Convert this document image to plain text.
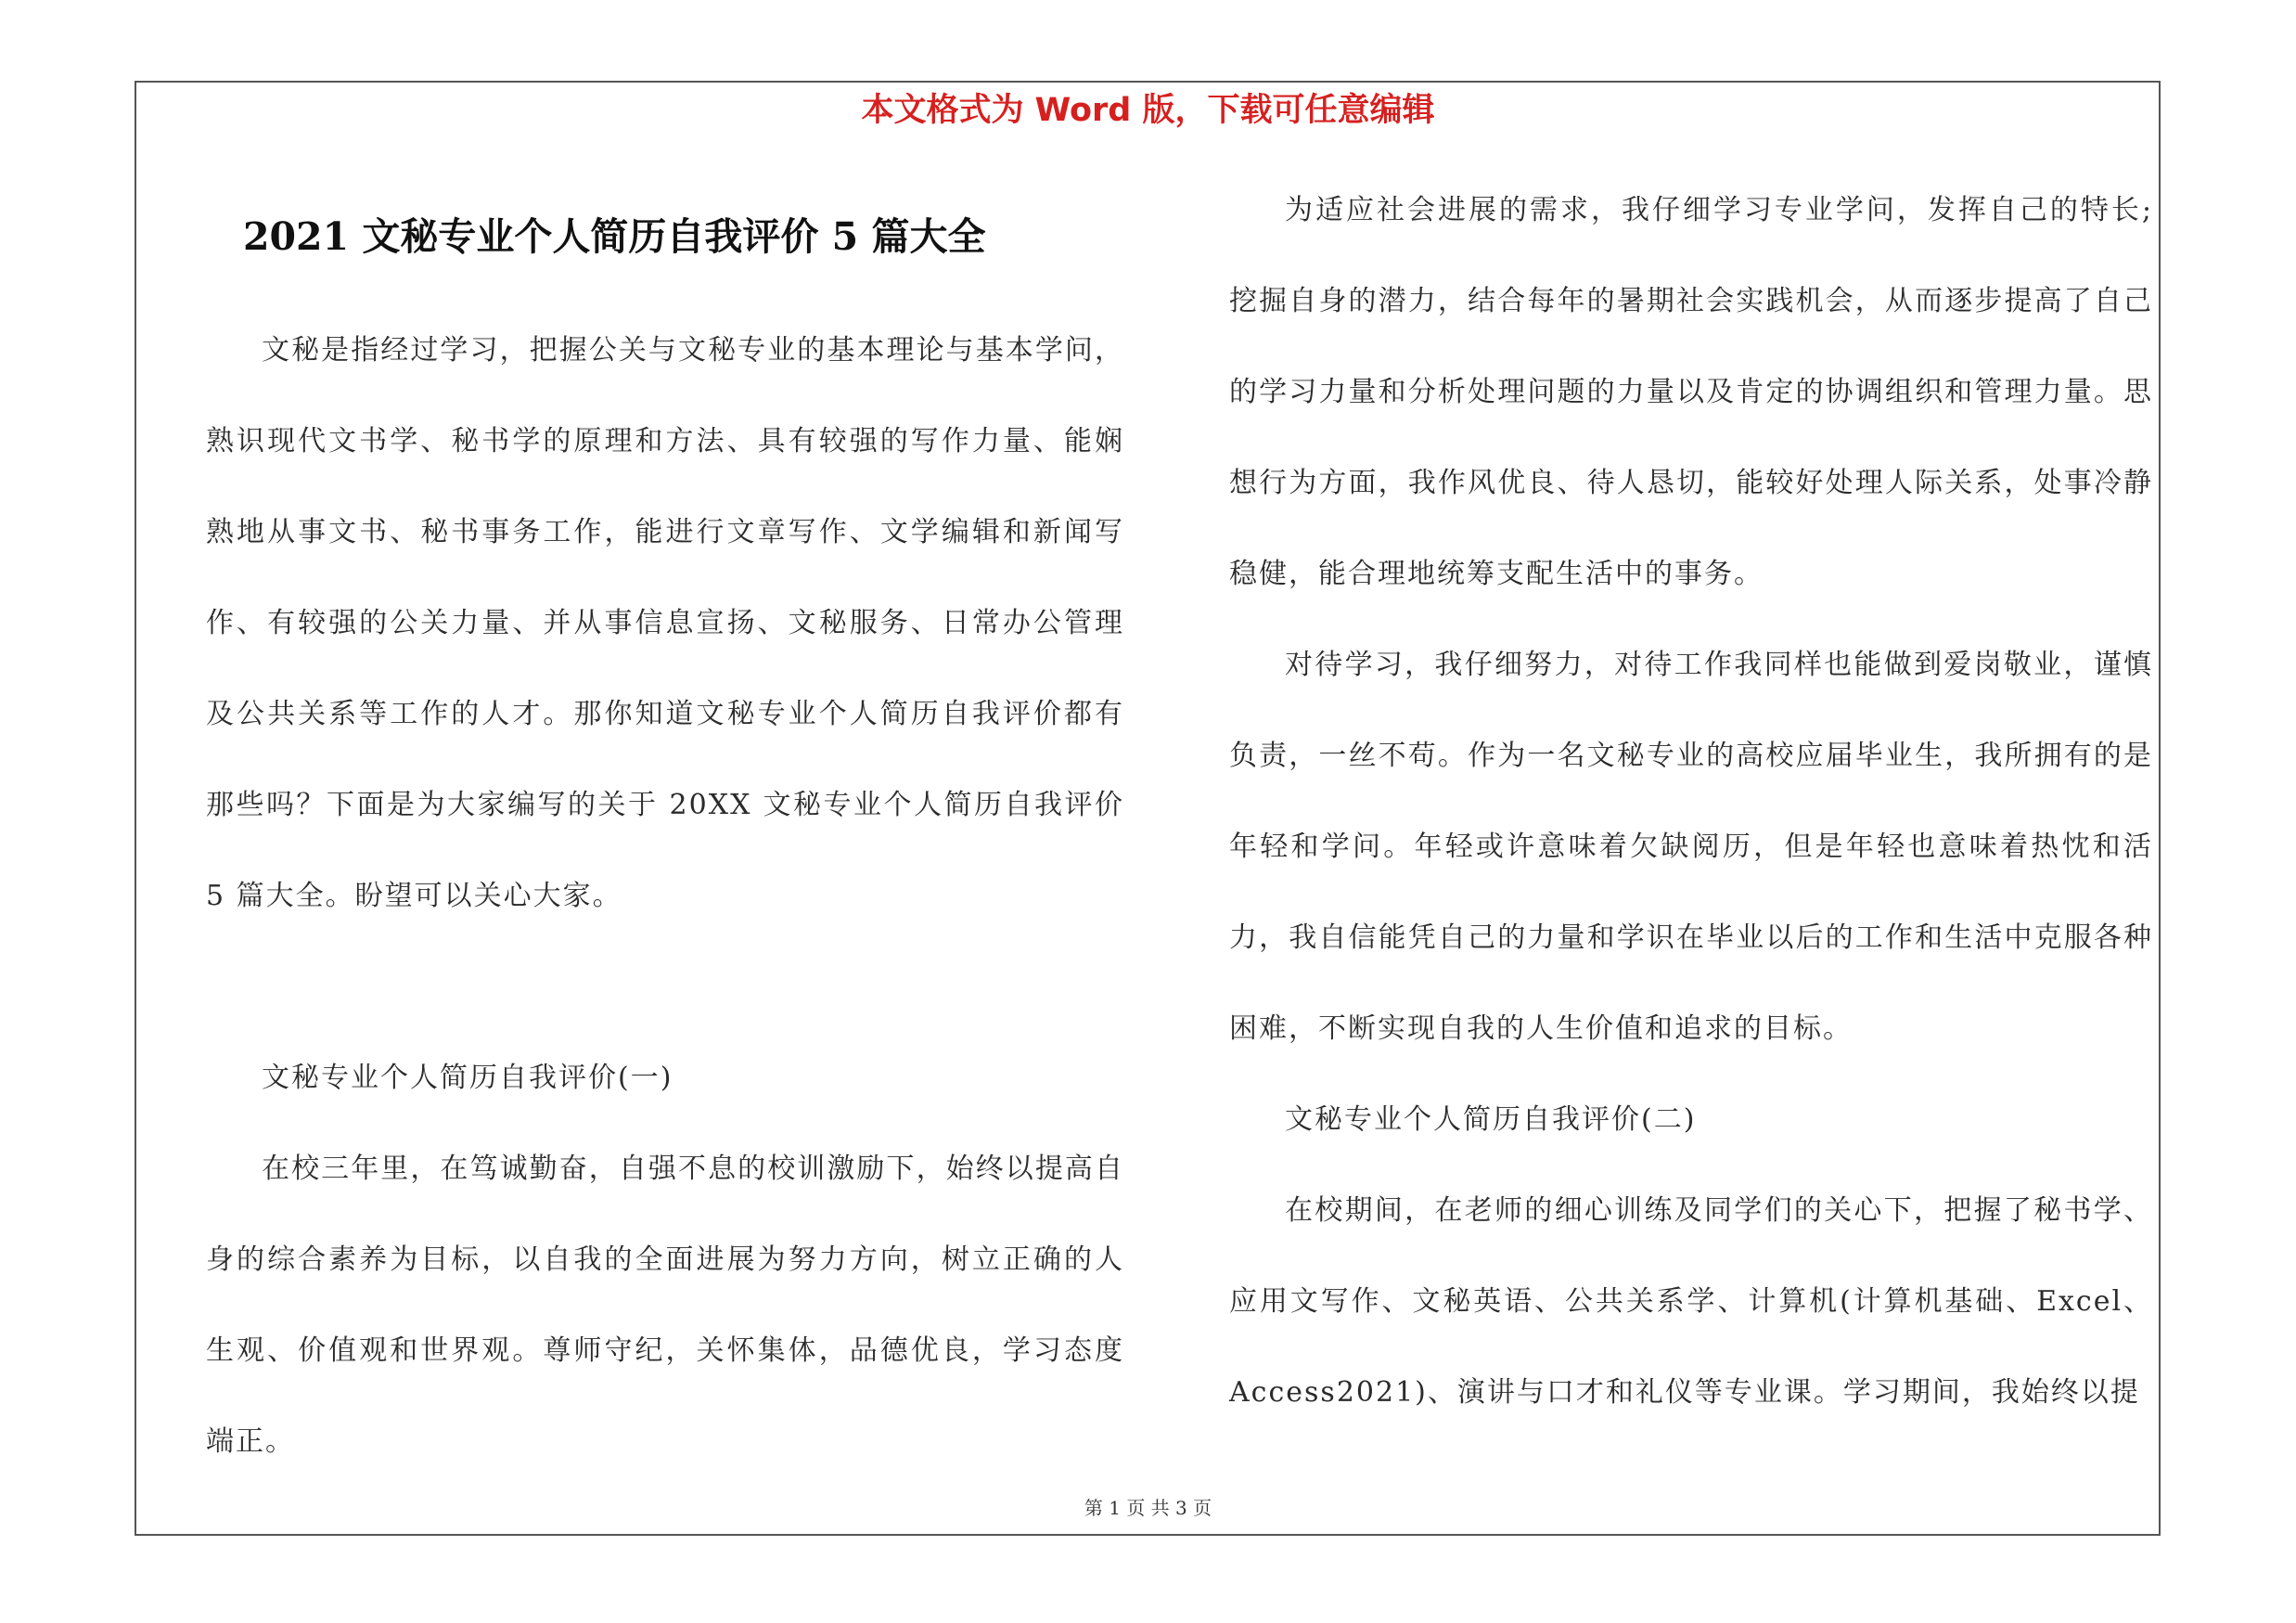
本文格式为 Word 版，下载可任意编辑
2021 文秘专业个人简历自我评价 5 篇大全

文秘是指经过学习，把握公关与文秘专业的基本理论与基本学问，熟识现代文书学、秘书学的原理和方法、具有较强的写作力量、能娴熟地从事文书、秘书事务工作，能进行文章写作、文学编辑和新闻写作、有较强的公关力量、并从事信息宣扬、文秘服务、日常办公管理及公共关系等工作的人才。那你知道文秘专业个人简历自我评价都有那些吗？下面是为大家编写的关于 20XX 文秘专业个人简历自我评价 5 篇大全。盼望可以关心大家。

文秘专业个人简历自我评价(一)

在校三年里，在笃诚勤奋，自强不息的校训激励下，始终以提高自身的综合素养为目标，以自我的全面进展为努力方向，树立正确的人生观、价值观和世界观。尊师守纪，关怀集体，品德优良，学习态度端正。

为适应社会进展的需求，我仔细学习专业学问，发挥自己的特长;挖掘自身的潜力，结合每年的暑期社会实践机会，从而逐步提高了自己的学习力量和分析处理问题的力量以及肯定的协调组织和管理力量。思想行为方面，我作风优良、待人恳切，能较好处理人际关系，处事冷静稳健，能合理地统筹支配生活中的事务。

对待学习，我仔细努力，对待工作我同样也能做到爱岗敬业，谨慎负责，一丝不苟。作为一名文秘专业的高校应届毕业生，我所拥有的是年轻和学问。年轻或许意味着欠缺阅历，但是年轻也意味着热忱和活力，我自信能凭自己的力量和学识在毕业以后的工作和生活中克服各种困难，不断实现自我的人生价值和追求的目标。

文秘专业个人简历自我评价(二)

在校期间，在老师的细心训练及同学们的关心下，把握了秘书学、应用文写作、文秘英语、公共关系学、计算机(计算机基础、Excel、Access2021)、演讲与口才和礼仪等专业课。学习期间，我始终以提

第 1 页 共 3 页
